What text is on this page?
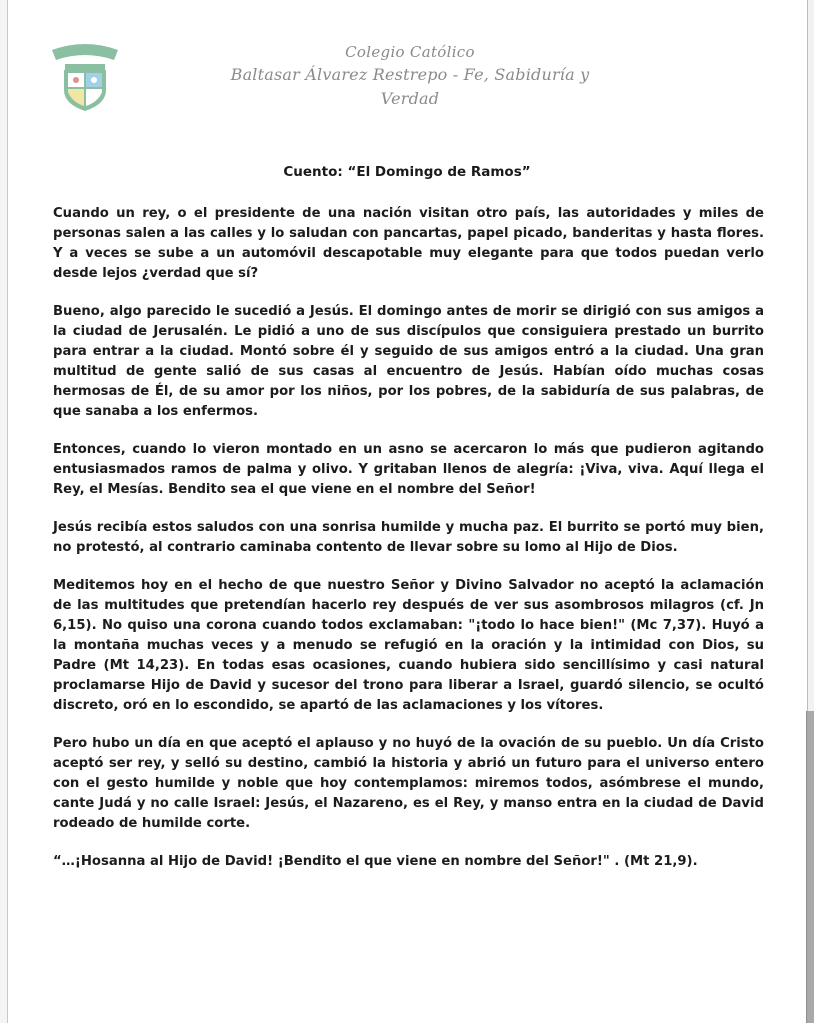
Colegio Católico
Baltasar Álvarez Restrepo - Fe, Sabiduría y Verdad
Cuento: “El Domingo de Ramos”

Cuando un rey, o el presidente de una nación visitan otro país, las autoridades y miles de personas salen a las calles y lo saludan con pancartas, papel picado, banderitas y hasta flores. Y a veces se sube a un automóvil descapotable muy elegante para que todos puedan verlo desde lejos ¿verdad que sí?

Bueno, algo parecido le sucedió a Jesús. El domingo antes de morir se dirigió con sus amigos a la ciudad de Jerusalén. Le pidió a uno de sus discípulos que consiguiera prestado un burrito para entrar a la ciudad. Montó sobre él y seguido de sus amigos entró a la ciudad. Una gran multitud de gente salió de sus casas al encuentro de Jesús. Habían oído muchas cosas hermosas de Él, de su amor por los niños, por los pobres, de la sabiduría de sus palabras, de que sanaba a los enfermos.

Entonces, cuando lo vieron montado en un asno se acercaron lo más que pudieron agitando entusiasmados ramos de palma y olivo. Y gritaban llenos de alegría: ¡Viva, viva. Aquí llega el Rey, el Mesías. Bendito sea el que viene en el nombre del Señor!

Jesús recibía estos saludos con una sonrisa humilde y mucha paz. El burrito se portó muy bien, no protestó, al contrario caminaba contento de llevar sobre su lomo al Hijo de Dios.

Meditemos hoy en el hecho de que nuestro Señor y Divino Salvador no aceptó la aclamación de las multitudes que pretendían hacerlo rey después de ver sus asombrosos milagros (cf. Jn 6,15). No quiso una corona cuando todos exclamaban: "¡todo lo hace bien!" (Mc 7,37). Huyó a la montaña muchas veces y a menudo se refugió en la oración y la intimidad con Dios, su Padre (Mt 14,23). En todas esas ocasiones, cuando hubiera sido sencillísimo y casi natural proclamarse Hijo de David y sucesor del trono para liberar a Israel, guardó silencio, se ocultó discreto, oró en lo escondido, se apartó de las aclamaciones y los vítores.

Pero hubo un día en que aceptó el aplauso y no huyó de la ovación de su pueblo. Un día Cristo aceptó ser rey, y selló su destino, cambió la historia y abrió un futuro para el universo entero con el gesto humilde y noble que hoy contemplamos: miremos todos, asómbrese el mundo, cante Judá y no calle Israel: Jesús, el Nazareno, es el Rey, y manso entra en la ciudad de David rodeado de humilde corte.

“…¡Hosanna al Hijo de David! ¡Bendito el que viene en nombre del Señor!" . (Mt 21,9).
